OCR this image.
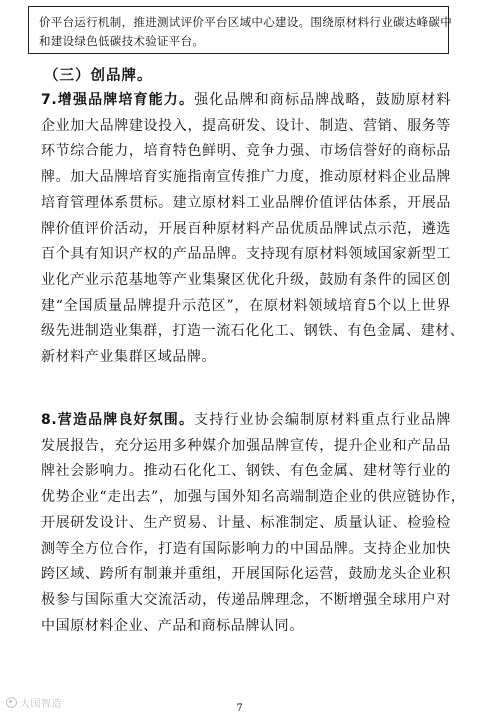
价平台运行机制，推进测试评价平台区域中心建设。围绕原材料行业碳达峰碳中

和建设绿色低碳技术验证平台。

（三）创品牌。
7.增强品牌培育能力。强化品牌和商标品牌战略，鼓励原材料
企业加大品牌建设投入，提高研发、设计、制造、营销、服务等
环节综合能力，培育特色鲜明、竞争力强、市场信誉好的商标品
牌。加大品牌培育实施指南宣传推广力度，推动原材料企业品牌
培育管理体系贯标。建立原材料工业品牌价值评估体系，开展品
牌价值评价活动，开展百种原材料产品优质品牌试点示范，遴选
百个具有知识产权的产品品牌。支持现有原材料领域国家新型工
业化产业示范基地等产业集聚区优化升级，鼓励有条件的园区创
建“全国质量品牌提升示范区”，在原材料领域培育5个以上世界
级先进制造业集群，打造一流石化化工、钢铁、有色金属、建材、
新材料产业集群区域品牌。
8.营造品牌良好氛围。支持行业协会编制原材料重点行业品牌
发展报告，充分运用多种媒介加强品牌宣传，提升企业和产品品
牌社会影响力。推动石化化工、钢铁、有色金属、建材等行业的
优势企业“走出去”，加强与国外知名高端制造企业的供应链协作，
开展研发设计、生产贸易、计量、标准制定、质量认证、检验检
测等全方位合作，打造有国际影响力的中国品牌。支持企业加快
跨区域、跨所有制兼并重组，开展国际化运营，鼓励龙头企业积
极参与国际重大交流活动，传递品牌理念，不断增强全球用户对
中国原材料企业、产品和商标品牌认同。
大国智造	7
